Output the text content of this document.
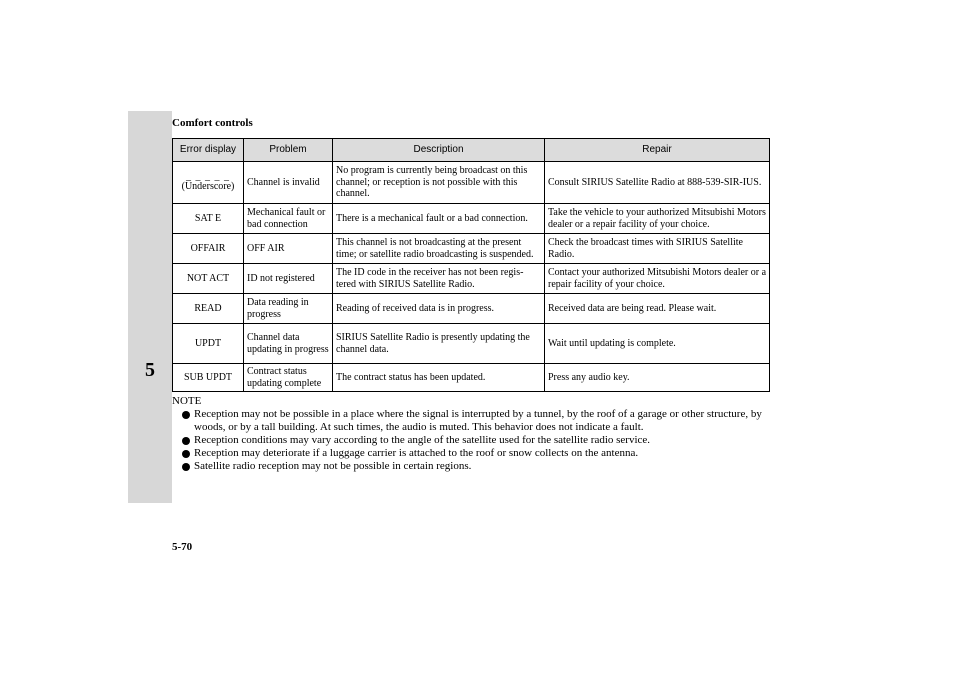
Comfort controls
5
Error display	Problem	Description	Repair

_ _ _ _ _
(Underscore)	Channel is invalid	No program is currently being broadcast on this channel; or reception is not possible with this channel.	Consult SIRIUS Satellite Radio at 888-539-SIR-IUS.
SAT E	Mechanical fault or bad connection	There is a mechanical fault or a bad connection.	Take the vehicle to your authorized Mitsubishi Motors dealer or a repair facility of your choice.
OFFAIR	OFF AIR	This channel is not broadcasting at the present time; or satellite radio broadcasting is suspended.	Check the broadcast times with SIRIUS Satellite Radio.
NOT ACT	ID not registered	The ID code in the receiver has not been regis-tered with SIRIUS Satellite Radio.	Contact your authorized Mitsubishi Motors dealer or a repair facility of your choice.
READ	Data reading in progress	Reading of received data is in progress.	Received data are being read. Please wait.
UPDT	Channel data updating in progress	SIRIUS Satellite Radio is presently updating the channel data.	Wait until updating is complete.
SUB UPDT	Contract status updating complete	The contract status has been updated.	Press any audio key.
NOTE
Reception may not be possible in a place where the signal is interrupted by a tunnel, by the roof of a garage or other structure, by woods, or by a tall building. At such times, the audio is muted. This behavior does not indicate a fault.
Reception conditions may vary according to the angle of the satellite used for the satellite radio service.
Reception may deteriorate if a luggage carrier is attached to the roof or snow collects on the antenna.
Satellite radio reception may not be possible in certain regions.
5-70
